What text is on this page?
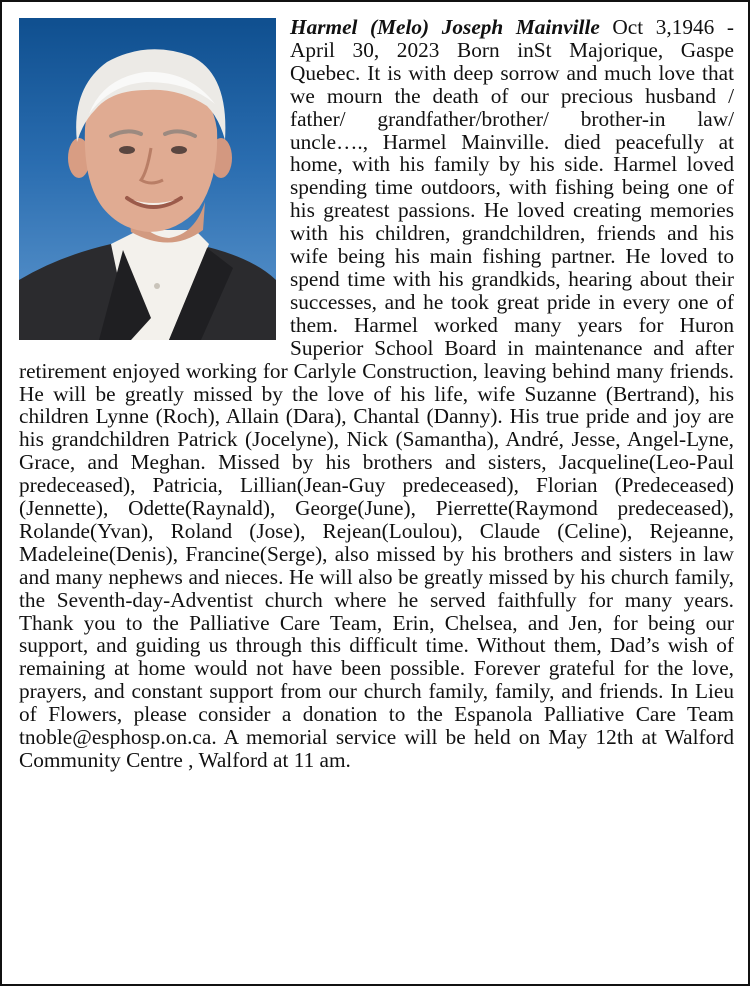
Harmel (Melo) Joseph Mainville Oct 3,1946 - April 30, 2023 Born inSt Majorique, Gaspe Quebec. It is with deep sorrow and much love that we mourn the death of our precious husband / father/ grandfather/brother/ brother-in law/ uncle…., Harmel Mainville. died peacefully at home, with his family by his side. Harmel loved spending time outdoors, with fishing being one of his greatest passions. He loved creating memories with his children, grandchildren, friends and his wife being his main fishing partner. He loved to spend time with his grandkids, hearing about their successes, and he took great pride in every one of them. Harmel worked many years for Huron Superior School Board in maintenance and after retirement enjoyed working for Carlyle Construction, leaving behind many friends. He will be greatly missed by the love of his life, wife Suzanne (Bertrand), his children Lynne (Roch), Allain (Dara), Chantal (Danny). His true pride and joy are his grandchildren Patrick (Jocelyne), Nick (Samantha), André, Jesse, Angel-Lyne, Grace, and Meghan. Missed by his brothers and sisters, Jacqueline(Leo-Paul predeceased), Patricia, Lillian(Jean-Guy predeceased), Florian (Predeceased) (Jennette), Odette(Raynald), George(June), Pierrette(Raymond predeceased), Rolande(Yvan), Roland (Jose), Rejean(Loulou), Claude (Celine), Rejeanne, Madeleine(Denis), Francine(Serge), also missed by his brothers and sisters in law and many nephews and nieces. He will also be greatly missed by his church family, the Seventh-day-Adventist church where he served faithfully for many years. Thank you to the Palliative Care Team, Erin, Chelsea, and Jen, for being our support, and guiding us through this difficult time. Without them, Dad’s wish of remaining at home would not have been possible. Forever grateful for the love, prayers, and constant support from our church family, family, and friends. In Lieu of Flowers, please consider a donation to the Espanola Palliative Care Team tnoble@esphosp.on.ca. A memorial service will be held on May 12th at Walford Community Centre , Walford at 11 am.
